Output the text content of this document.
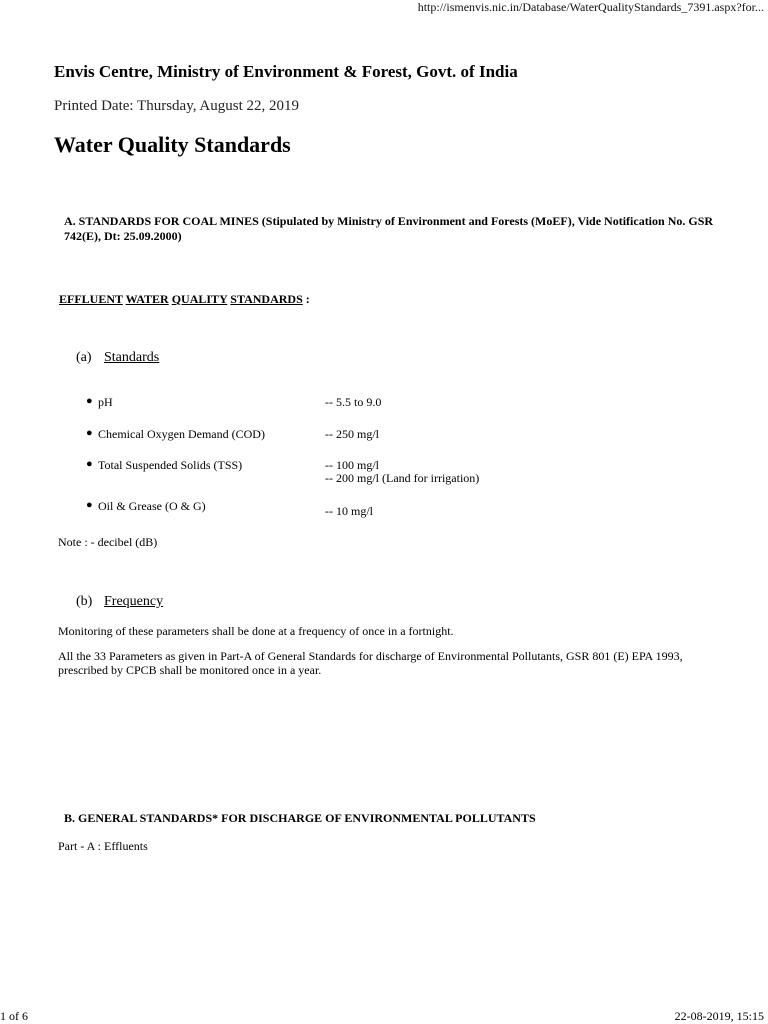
http://ismenvis.nic.in/Database/WaterQualityStandards_7391.aspx?for...
Envis Centre, Ministry of Environment & Forest, Govt. of India
Printed Date: Thursday, August 22, 2019
Water Quality Standards
A. STANDARDS FOR COAL MINES (Stipulated by Ministry of Environment and Forests (MoEF), Vide Notification No. GSR 742(E), Dt: 25.09.2000)
EFFLUENT WATER QUALITY STANDARDS :
(a) Standards
● pH	-- 5.5 to 9.0
● Chemical Oxygen Demand (COD)	-- 250 mg/l
● Total Suspended Solids (TSS)	-- 100 mg/l
-- 200 mg/l (Land for irrigation)
● Oil & Grease (O & G)	-- 10 mg/l
Note : - decibel (dB)
(b) Frequency
Monitoring of these parameters shall be done at a frequency of once in a fortnight.
All the 33 Parameters as given in Part-A of General Standards for discharge of Environmental Pollutants, GSR 801 (E) EPA 1993, prescribed by CPCB shall be monitored once in a year.
B. GENERAL STANDARDS* FOR DISCHARGE OF ENVIRONMENTAL POLLUTANTS
Part - A : Effluents
1 of 6	22-08-2019, 15:15
